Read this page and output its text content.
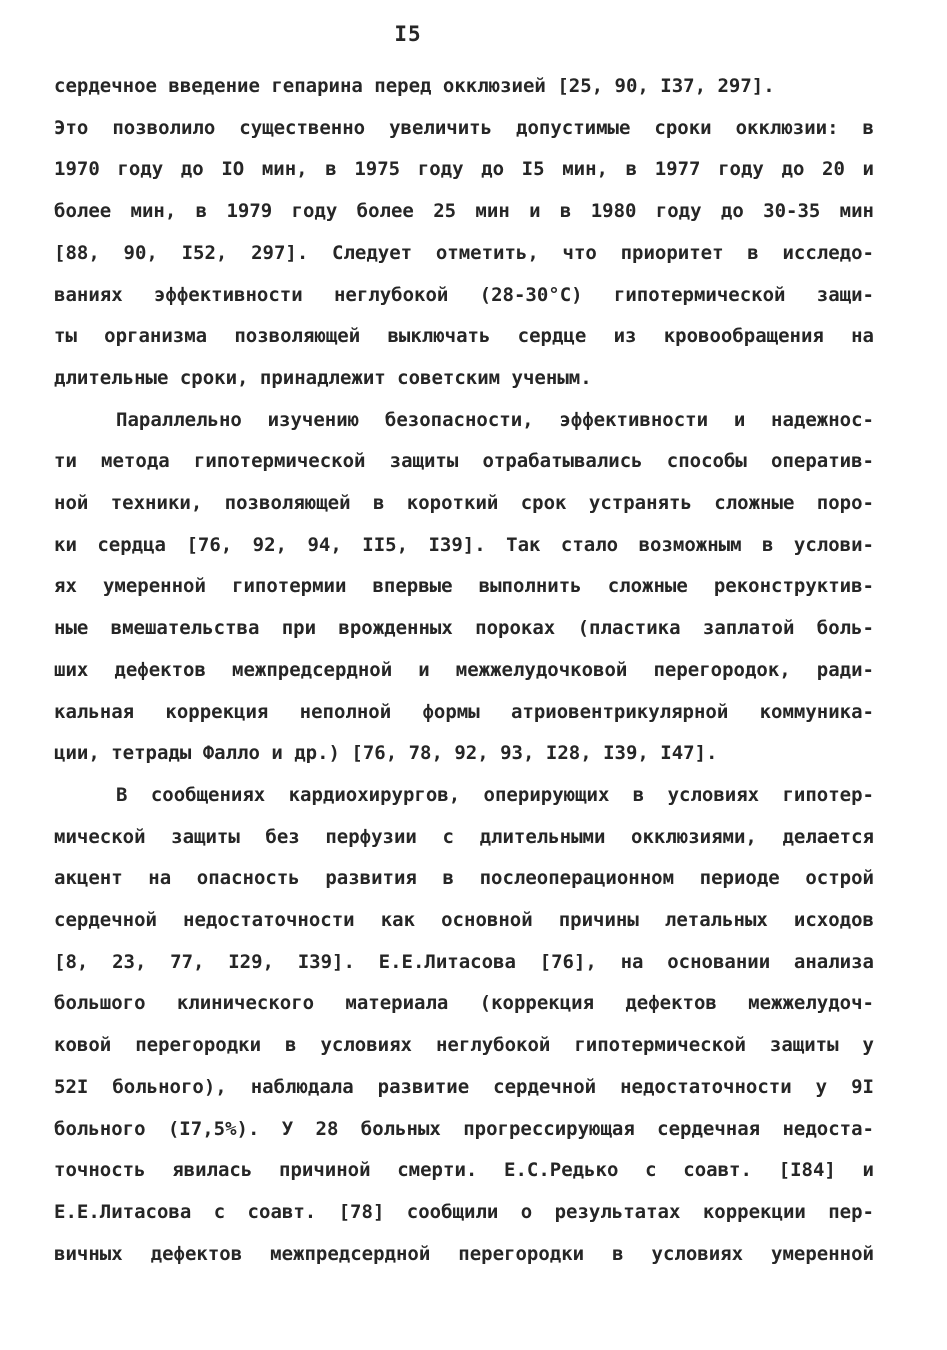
I5
сердечное введение гепарина перед окклюзией [25, 90, I37, 297].
Это позволило существенно увеличить допустимые сроки окклюзии: в
1970 году до IO мин, в 1975 году до I5 мин, в 1977 году до 20 и
более мин, в 1979 году более 25 мин и в 1980 году до 30-35 мин
[88, 90, I52, 297]. Следует отметить, что приоритет в исследо-
ваниях эффективности неглубокой (28-30°C) гипотермической защи-
ты организма позволяющей выключать сердце из кровообращения на
длительные сроки, принадлежит советским ученым.
Параллельно изучению безопасности, эффективности и надежнос-
ти метода гипотермической защиты отрабатывались способы оператив-
ной техники, позволяющей в короткий срок устранять сложные поро-
ки сердца [76, 92, 94, II5, I39]. Так стало возможным в услови-
ях умеренной гипотермии впервые выполнить сложные реконструктив-
ные вмешательства при врожденных пороках (пластика заплатой боль-
ших дефектов межпредсердной и межжелудочковой перегородок, ради-
кальная коррекция неполной формы атриовентрикулярной коммуника-
ции, тетрады Фалло и др.) [76, 78, 92, 93, I28, I39, I47].
В сообщениях кардиохирургов, оперирующих в условиях гипотер-
мической защиты без перфузии с длительными окклюзиями, делается
акцент на опасность развития в послеоперационном периоде острой
сердечной недостаточности как основной причины летальных исходов
[8, 23, 77, I29, I39]. Е.Е.Литасова [76], на основании анализа
большого клинического материала (коррекция дефектов межжелудоч-
ковой перегородки в условиях неглубокой гипотермической защиты у
52I больного), наблюдала развитие сердечной недостаточности у 9I
больного (I7,5%). У 28 больных прогрессирующая сердечная недоста-
точность явилась причиной смерти. Е.С.Редько с соавт. [I84] и
Е.Е.Литасова с соавт. [78] сообщили о результатах коррекции пер-
вичных дефектов межпредсердной перегородки в условиях умеренной
